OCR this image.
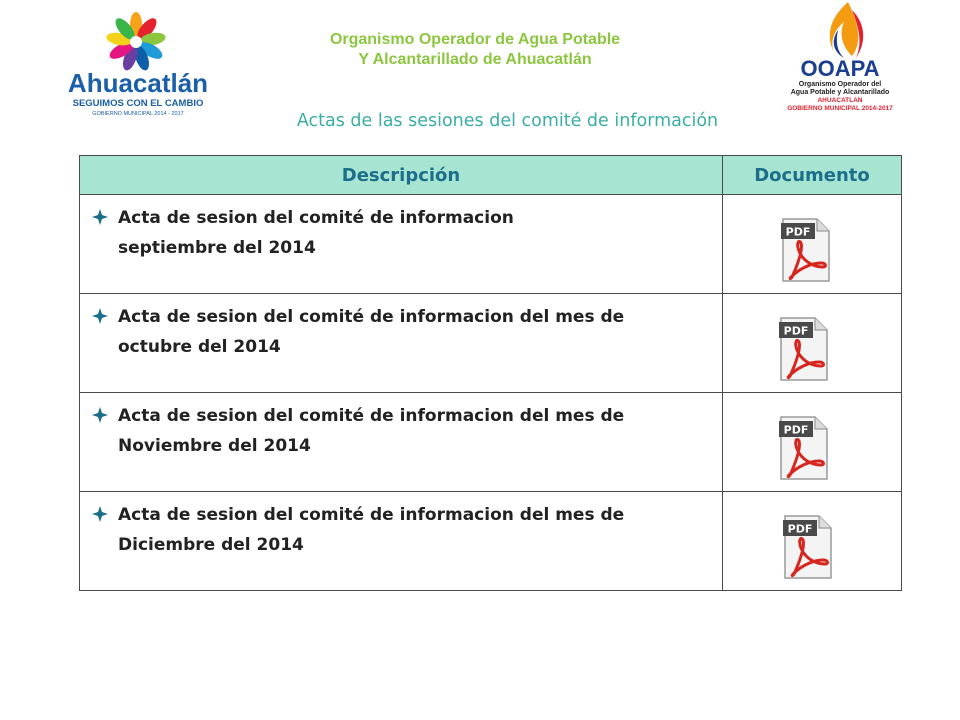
Ahuacatlán
SEGUIMOS CON EL CAMBIO
GOBIERNO MUNICIPAL 2014 - 2017
Organismo Operador de Agua Potable
Y Alcantarillado de Ahuacatlán	OOAPA
Organismo Operador del
Agua Potable y Alcantarillado
AHUACATLAN
GOBIERNO MUNICIPAL 2014-2017
Actas de las sesiones del comité de información
Descripción	Documento

Acta de sesion del comité de informacion
septiembre del 2014	PDF

Acta de sesion del comité de informacion del mes de
octubre del 2014	PDF

Acta de sesion del comité de informacion del mes de
Noviembre del 2014	PDF

Acta de sesion del comité de informacion del mes de
Diciembre del 2014	PDF
